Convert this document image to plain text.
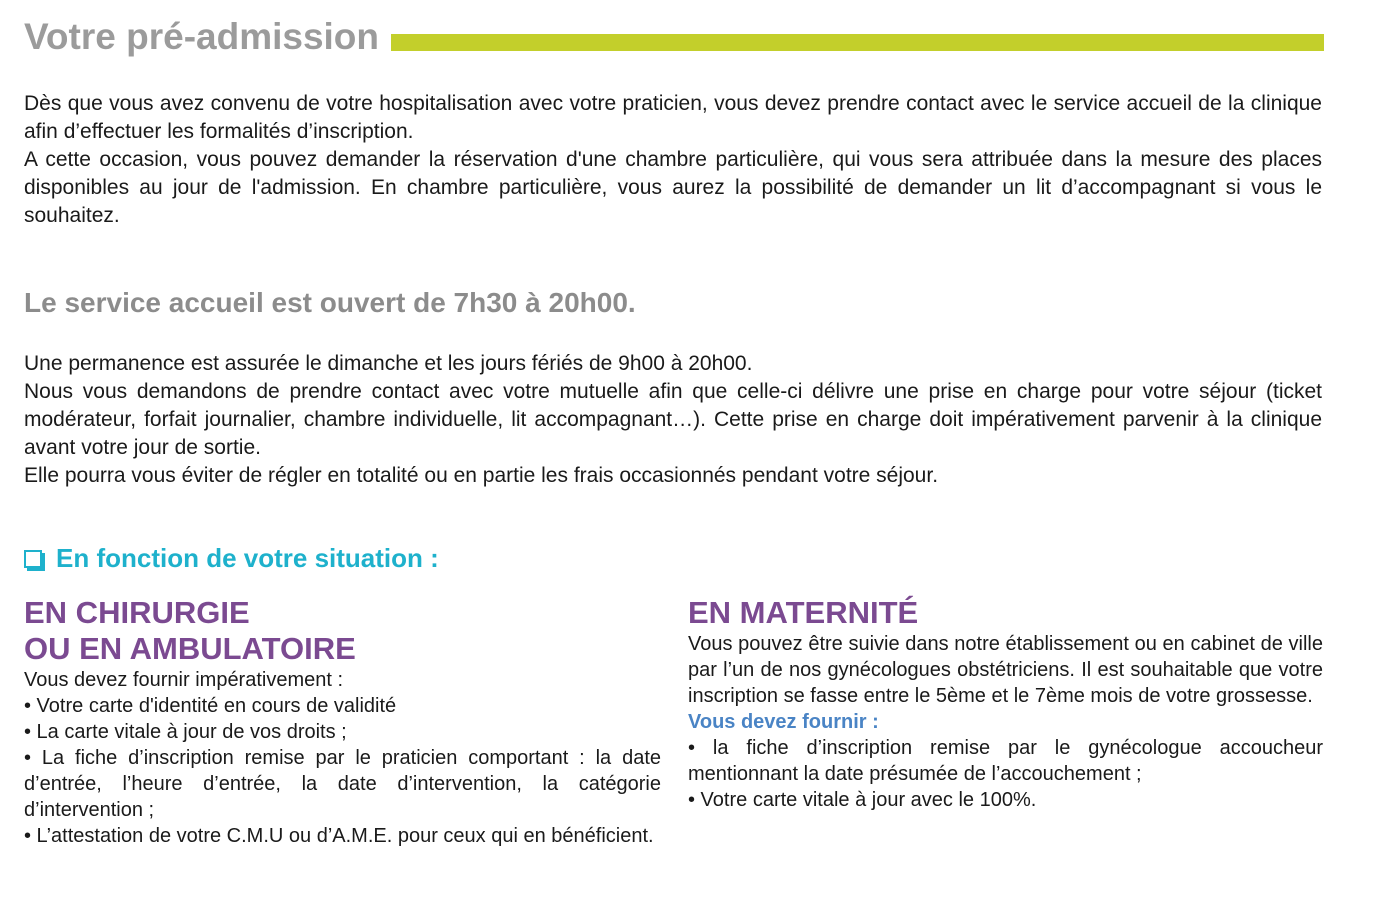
Votre pré-admission

Dès que vous avez convenu de votre hospitalisation avec votre praticien, vous devez prendre contact avec le service accueil de la clinique afin d’effectuer les formalités d’inscription.

A cette occasion, vous pouvez demander la réservation d'une chambre particulière, qui vous sera attribuée dans la mesure des places disponibles au jour de l'admission. En chambre particulière, vous aurez la possibilité de demander un lit d’accompagnant si vous le souhaitez.

Le service accueil est ouvert de 7h30 à 20h00.

Une permanence est assurée le dimanche et les jours fériés de 9h00 à 20h00.

Nous vous demandons de prendre contact avec votre mutuelle afin que celle-ci délivre une prise en charge pour votre séjour (ticket modérateur, forfait journalier, chambre individuelle, lit accompagnant…). Cette prise en charge doit impérativement parvenir à la clinique avant votre jour de sortie.

Elle pourra vous éviter de régler en totalité ou en partie les frais occasionnés pendant votre séjour.

En fonction de votre situation :
EN CHIRURGIE
OU EN AMBULATOIRE

Vous devez fournir impérativement :

• Votre carte d'identité en cours de validité

• La carte vitale à jour de vos droits ;

• La fiche d’inscription remise par le praticien comportant : la date d’entrée, l’heure d’entrée, la date d’intervention, la catégorie d’intervention ;

• L’attestation de votre C.M.U ou d’A.M.E. pour ceux qui en bénéficient.

EN MATERNITÉ

Vous pouvez être suivie dans notre établissement ou en cabinet de ville par l’un de nos gynécologues obstétriciens. Il est souhaitable que votre inscription se fasse entre le 5ème et le 7ème mois de votre grossesse.

Vous devez fournir :

• la fiche d’inscription remise par le gynécologue accoucheur mentionnant la date présumée de l’accouchement ;

• Votre carte vitale à jour avec le 100%.
